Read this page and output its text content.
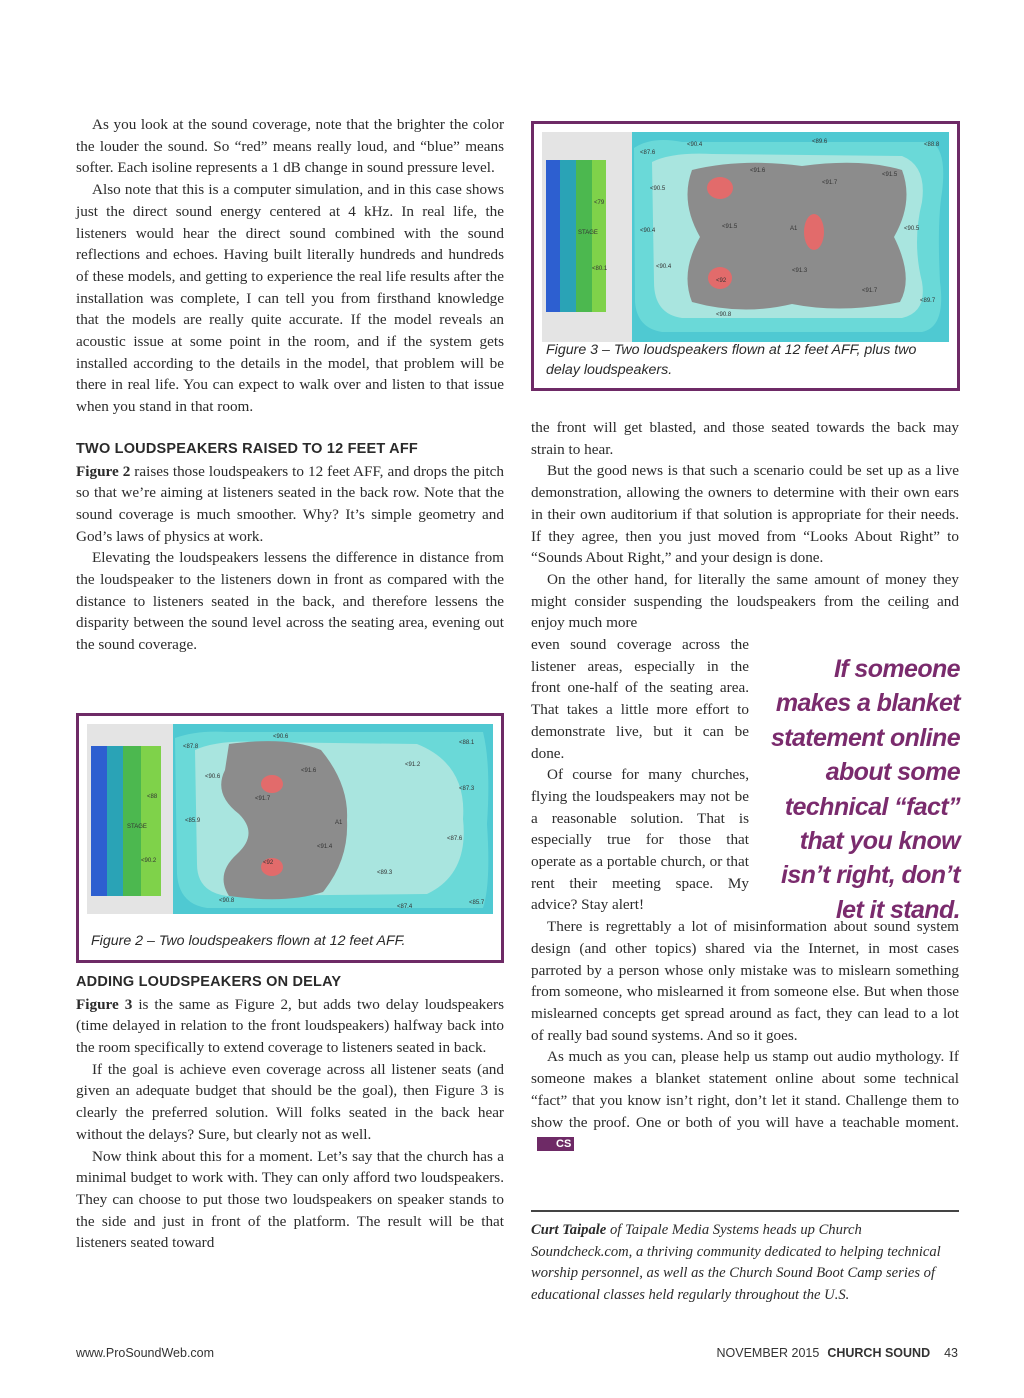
As you look at the sound coverage, note that the brighter the color the louder the sound. So “red” means really loud, and “blue” means softer. Each isoline represents a 1 dB change in sound pressure level.

Also note that this is a computer simulation, and in this case shows just the direct sound energy centered at 4 kHz. In real life, the listeners would hear the direct sound combined with the sound reflections and echoes. Having built literally hundreds and hundreds of these models, and getting to experience the real life results after the installation was complete, I can tell you from firsthand knowledge that the models are really quite accurate. If the model reveals an acoustic issue at some point in the room, and if the system gets installed according to the details in the model, that problem will be there in real life. You can expect to walk over and listen to that issue when you stand in that room.

TWO LOUDSPEAKERS RAISED TO 12 FEET AFF

Figure 2 raises those loudspeakers to 12 feet AFF, and drops the pitch so that we’re aiming at listeners seated in the back row. Note that the sound coverage is much smoother. Why? It’s simple geometry and God’s laws of physics at work.

Elevating the loudspeakers lessens the difference in distance from the loudspeaker to the listeners down in front as compared with the distance to listeners seated in the back, and therefore lessens the disparity between the sound level across the seating area, evening out the sound coverage.

ADDING LOUDSPEAKERS ON DELAY

Figure 3 is the same as Figure 2, but adds two delay loudspeakers (time delayed in relation to the front loudspeakers) halfway back into the room specifically to extend coverage to listeners seated in back.

If the goal is achieve even coverage across all listener seats (and given an adequate budget that should be the goal), then Figure 3 is clearly the preferred solution. Will folks seated in the back hear without the delays? Sure, but clearly not as well.

Now think about this for a moment. Let’s say that the church has a minimal budget to work with. They can only afford two loudspeakers. They can choose to put those two loudspeakers on speaker stands to the side and just in front of the platform. The result will be that listeners seated toward

STAGE
<87.6
<90.4	<89.6	<88.8
<91.6
<90.5
<91.7
<91.5
<79
<90.4
<91.5	A1	<90.5
<80.1	<90.4
<92
<91.3
<91.7
<89.7
<90.8
Figure 3 – Two loudspeakers flown at 12 feet AFF, plus two delay loudspeakers.
STAGE
<90.6
<87.8
<88.1
<90.6
<91.6
<91.2
<87.3
<88	<91.7
<85.9	A1
<87.6
<91.4
<90.2	<92
<89.3
<90.8
<87.4
<85.7
Figure 2 – Two loudspeakers flown at 12 feet AFF.

the front will get blasted, and those seated towards the back may strain to hear.

But the good news is that such a scenario could be set up as a live demonstration, allowing the owners to determine with their own ears in their own auditorium if that solution is appropriate for their needs. If they agree, then you just moved from “Looks About Right” to “Sounds About Right,” and your design is done.

On the other hand, for literally the same amount of money they might consider suspending the loudspeakers from the ceiling and enjoy much more

even sound coverage across the listener areas, especially in the front one-half of the seating area. That takes a little more effort to demonstrate live, but it can be done.

Of course for many churches, flying the loudspeakers may not be a reasonable solution. That is especially true for those that operate as a portable church, or that rent their meeting space. My advice? Stay alert!

There is regrettably a lot of misinformation about sound system design (and other topics) shared via the Internet, in most cases parroted by a person whose only mistake was to mislearn something from someone, who mislearned it from someone else. But when those mislearned concepts get spread around as fact, they can lead to a lot of really bad sound systems. And so it goes.

As much as you can, please help us stamp out audio mythology. If someone makes a blanket statement online about some technical “fact” that you know isn’t right, don’t let it stand. Challenge them to show the proof. One or both of you will have a teachable moment.CS

If someone
makes a blanket
statement online
about some
technical “fact”
that you know
isn’t right, don’t
let it stand.
Curt Taipale of Taipale Media Systems heads up Church Soundcheck.com, a thriving community dedicated to helping technical worship personnel, as well as the Church Sound Boot Camp series of educational classes held regularly throughout the U.S.
www.ProSoundWeb.com	NOVEMBER 2015 CHURCH SOUND 43
